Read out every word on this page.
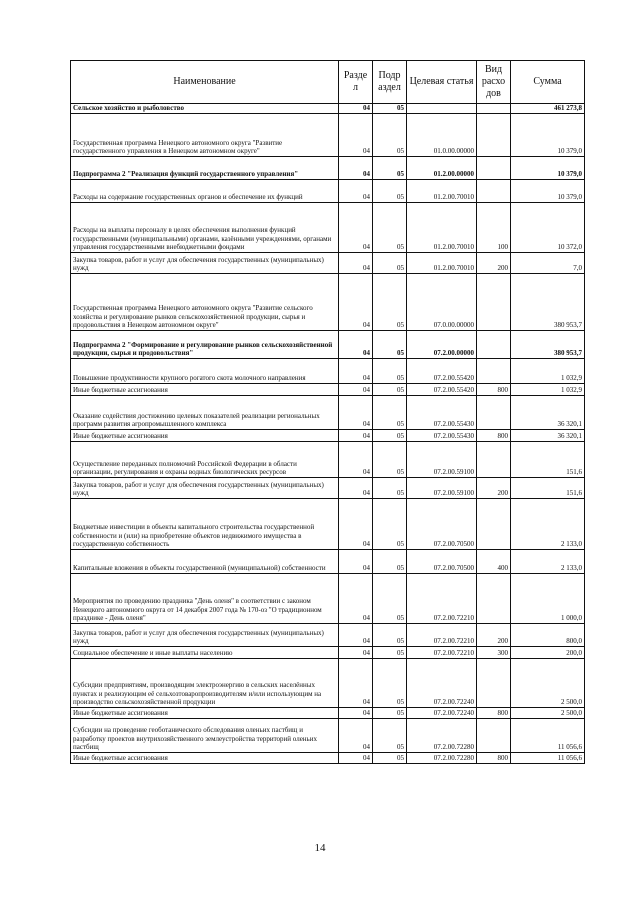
Наименование	Разде л	Подр аздел	Целевая статья	Вид расхо дов	Сумма
Сельское хозяйство и рыболовство	04	05			461 273,8
Государственная программа Ненецкого автономного округа "Развитие государственного управления в Ненецком автономном округе"	04	05	01.0.00.00000		10 379,0
Подпрограмма 2 "Реализация функций государственного управления"	04	05	01.2.00.00000		10 379,0
Расходы на содержание государственных органов и обеспечение их функций	04	05	01.2.00.70010		10 379,0
Расходы на выплаты персоналу в целях обеспечения выполнения функций государственными (муниципальными) органами, казёнными учреждениями, органами управления государственными внебюджетными фондами	04	05	01.2.00.70010	100	10 372,0
Закупка товаров, работ и услуг для обеспечения государственных (муниципальных) нужд	04	05	01.2.00.70010	200	7,0
Государственная программа Ненецкого автономного округа "Развитие сельского хозяйства и регулирование рынков сельскохозяйственной продукции, сырья и продовольствия в Ненецком автономном округе"	04	05	07.0.00.00000		380 953,7
Подпрограмма 2 "Формирование и регулирование рынков сельскохозяйственной продукции, сырья и продовольствия"	04	05	07.2.00.00000		380 953,7
Повышение продуктивности крупного рогатого скота молочного направления	04	05	07.2.00.55420		1 032,9
Иные бюджетные ассигнования	04	05	07.2.00.55420	800	1 032,9
Оказание содействия достижению целевых показателей реализации региональных программ развития агропромышленного комплекса	04	05	07.2.00.55430		36 320,1
Иные бюджетные ассигнования	04	05	07.2.00.55430	800	36 320,1
Осуществление переданных полномочий Российской Федерации в области организации, регулирования и охраны водных биологических ресурсов	04	05	07.2.00.59100		151,6
Закупка товаров, работ и услуг для обеспечения государственных (муниципальных) нужд	04	05	07.2.00.59100	200	151,6
Бюджетные инвестиции в объекты капитального строительства государственной собственности и (или) на приобретение объектов недвижимого имущества в государственную собственность	04	05	07.2.00.70500		2 133,0
Капитальные вложения в объекты государственной (муниципальной) собственности	04	05	07.2.00.70500	400	2 133,0
Мероприятия по проведению праздника "День оленя" в соответствии с законом Ненецкого автономного округа от 14 декабря 2007 года № 170-оз "О традиционном празднике - День оленя"	04	05	07.2.00.72210		1 000,0
Закупка товаров, работ и услуг для обеспечения государственных (муниципальных) нужд	04	05	07.2.00.72210	200	800,0
Социальное обеспечение и иные выплаты населению	04	05	07.2.00.72210	300	200,0
Субсидии предприятиям, производящим электроэнергию в сельских населённых пунктах и реализующим её сельхозтоваропроизводителям и/или использующим на производство сельскохозяйственной продукции	04	05	07.2.00.72240		2 500,0
Иные бюджетные ассигнования	04	05	07.2.00.72240	800	2 500,0
Субсидии на проведение геоботанического обследования оленьих пастбищ и разработку проектов внутрихозяйственного землеустройства территорий оленьих пастбищ	04	05	07.2.00.72280		11 056,6
Иные бюджетные ассигнования	04	05	07.2.00.72280	800	11 056,6
14
